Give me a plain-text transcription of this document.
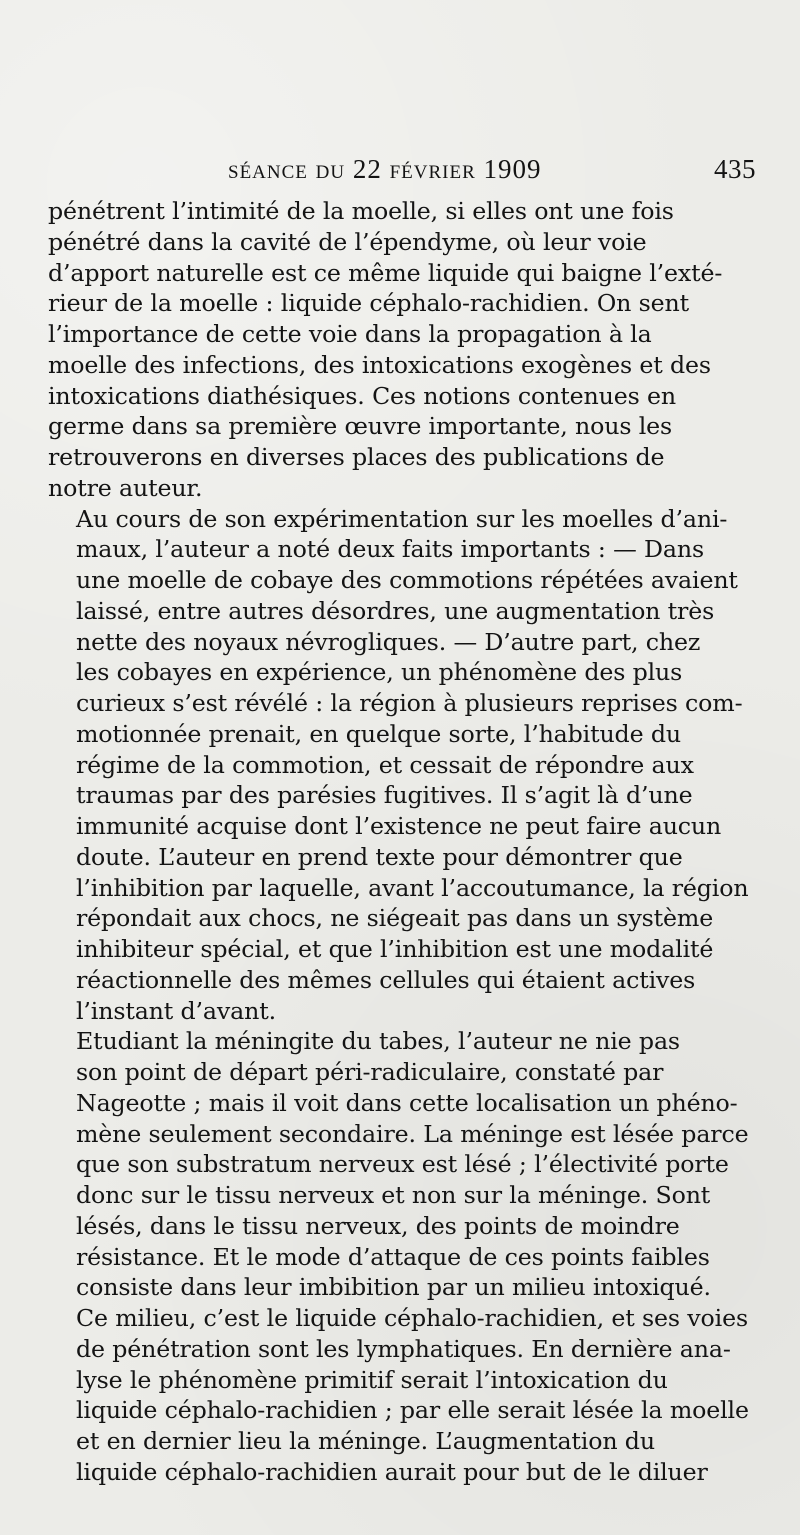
séance du 22 février 1909	435

pénétrent l’intimité de la moelle, si elles ont une fois
pénétré dans la cavité de l’épendyme, où leur voie
d’apport naturelle est ce même liquide qui baigne l’exté-
rieur de la moelle : liquide céphalo-rachidien. On sent
l’importance de cette voie dans la propagation à la
moelle des infections, des intoxications exogènes et des
intoxications diathésiques. Ces notions contenues en
germe dans sa première œuvre importante, nous les
retrouverons en diverses places des publications de
notre auteur.

Au cours de son expérimentation sur les moelles d’ani-
maux, l’auteur a noté deux faits importants : — Dans
une moelle de cobaye des commotions répétées avaient
laissé, entre autres désordres, une augmentation très
nette des noyaux névrogliques. — D’autre part, chez
les cobayes en expérience, un phénomène des plus
curieux s’est révélé : la région à plusieurs reprises com-
motionnée prenait, en quelque sorte, l’habitude du
régime de la commotion, et cessait de répondre aux
traumas par des parésies fugitives. Il s’agit là d’une
immunité acquise dont l’existence ne peut faire aucun
doute. L’auteur en prend texte pour démontrer que
l’inhibition par laquelle, avant l’accoutumance, la région
répondait aux chocs, ne siégeait pas dans un système
inhibiteur spécial, et que l’inhibition est une modalité
réactionnelle des mêmes cellules qui étaient actives
l’instant d’avant.

Etudiant la méningite du tabes, l’auteur ne nie pas
son point de départ péri-radiculaire, constaté par
Nageotte ; mais il voit dans cette localisation un phéno-
mène seulement secondaire. La méninge est lésée parce
que son substratum nerveux est lésé ; l’électivité porte
donc sur le tissu nerveux et non sur la méninge. Sont
lésés, dans le tissu nerveux, des points de moindre
résistance. Et le mode d’attaque de ces points faibles
consiste dans leur imbibition par un milieu intoxiqué.
Ce milieu, c’est le liquide céphalo-rachidien, et ses voies
de pénétration sont les lymphatiques. En dernière ana-
lyse le phénomène primitif serait l’intoxication du
liquide céphalo-rachidien ; par elle serait lésée la moelle
et en dernier lieu la méninge. L’augmentation du
liquide céphalo-rachidien aurait pour but de le diluer
